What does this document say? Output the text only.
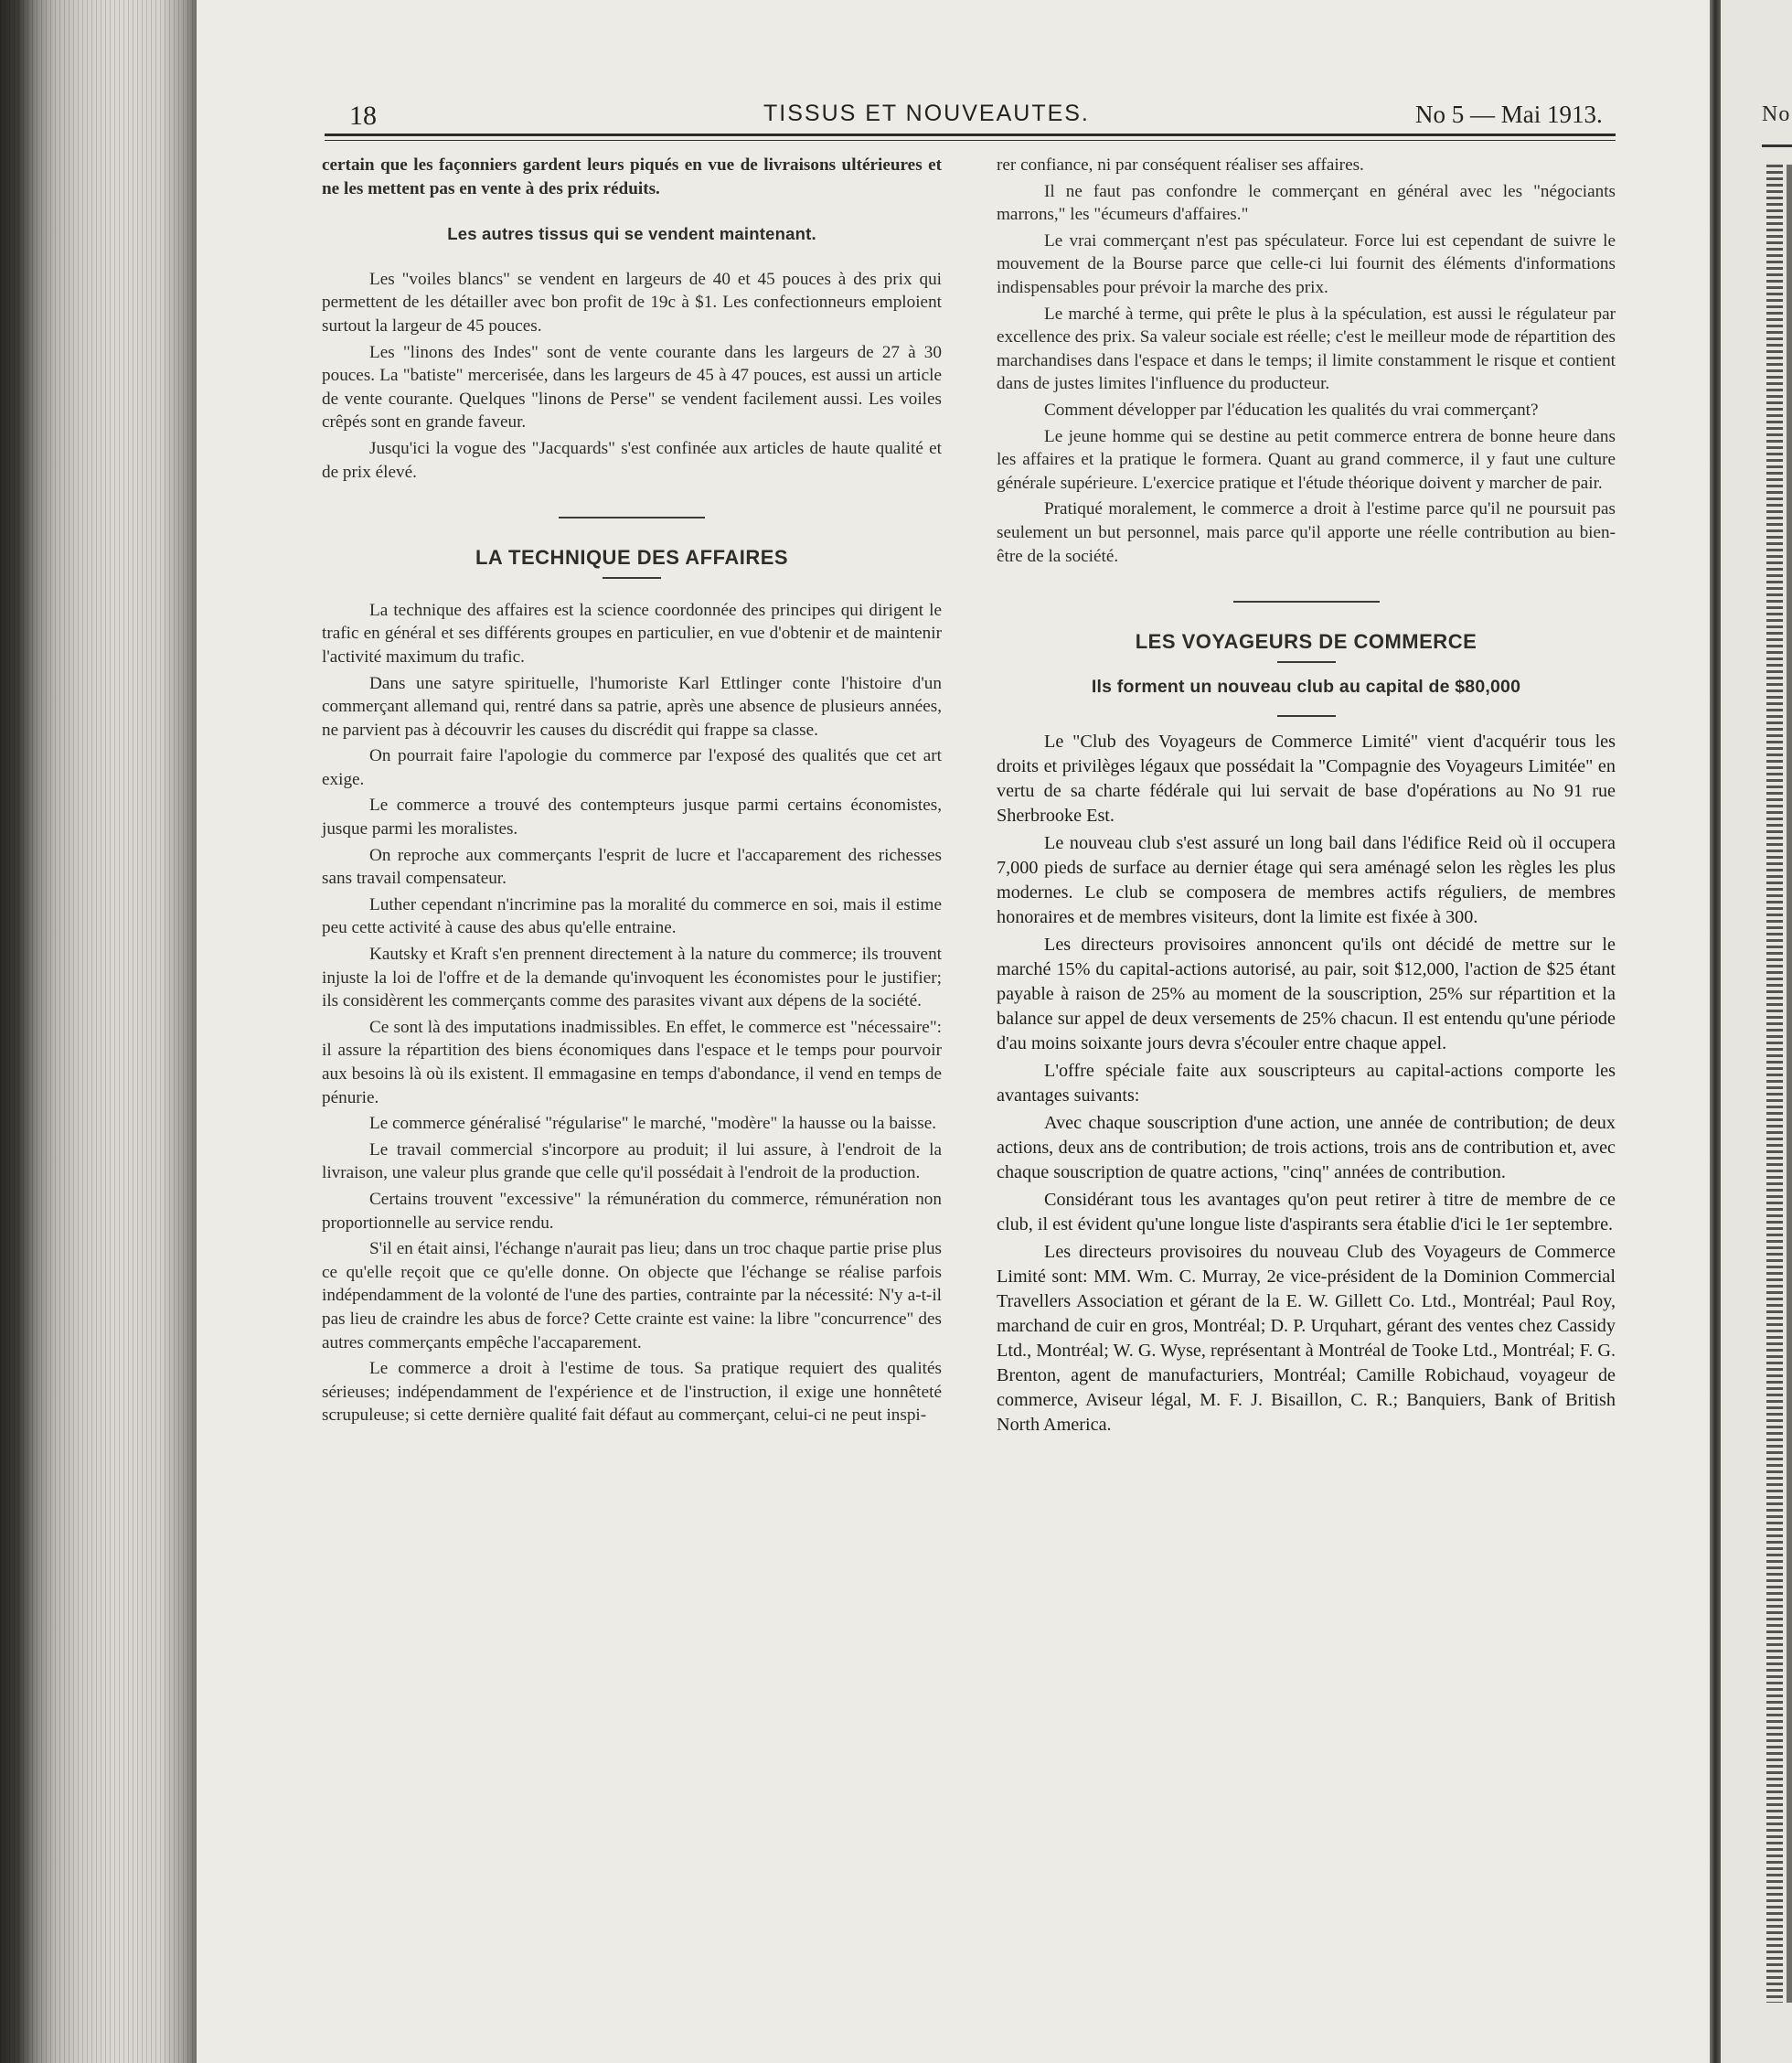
18	TISSUS ET NOUVEAUTES.	No 5 — Mai 1913.

certain que les façonniers gardent leurs piqués en vue de livraisons ultérieures et ne les mettent pas en vente à des prix réduits.

Les autres tissus qui se vendent maintenant.

Les "voiles blancs" se vendent en largeurs de 40 et 45 pouces à des prix qui permettent de les détailler avec bon profit de 19c à $1. Les confectionneurs emploient surtout la largeur de 45 pouces.

Les "linons des Indes" sont de vente courante dans les largeurs de 27 à 30 pouces. La "batiste" mercerisée, dans les largeurs de 45 à 47 pouces, est aussi un article de vente courante. Quelques "linons de Perse" se vendent facilement aussi. Les voiles crêpés sont en grande faveur.

Jusqu'ici la vogue des "Jacquards" s'est confinée aux articles de haute qualité et de prix élevé.

LA TECHNIQUE DES AFFAIRES

La technique des affaires est la science coordonnée des principes qui dirigent le trafic en général et ses différents groupes en particulier, en vue d'obtenir et de maintenir l'activité maximum du trafic.

Dans une satyre spirituelle, l'humoriste Karl Ettlinger conte l'histoire d'un commerçant allemand qui, rentré dans sa patrie, après une absence de plusieurs années, ne parvient pas à découvrir les causes du discrédit qui frappe sa classe.

On pourrait faire l'apologie du commerce par l'exposé des qualités que cet art exige.

Le commerce a trouvé des contempteurs jusque parmi certains économistes, jusque parmi les moralistes.

On reproche aux commerçants l'esprit de lucre et l'accaparement des richesses sans travail compensateur.

Luther cependant n'incrimine pas la moralité du commerce en soi, mais il estime peu cette activité à cause des abus qu'elle entraine.

Kautsky et Kraft s'en prennent directement à la nature du commerce; ils trouvent injuste la loi de l'offre et de la demande qu'invoquent les économistes pour le justifier; ils considèrent les commerçants comme des parasites vivant aux dépens de la société.

Ce sont là des imputations inadmissibles. En effet, le commerce est "nécessaire": il assure la répartition des biens économiques dans l'espace et le temps pour pourvoir aux besoins là où ils existent. Il emmagasine en temps d'abondance, il vend en temps de pénurie.

Le commerce généralisé "régularise" le marché, "modère" la hausse ou la baisse.

Le travail commercial s'incorpore au produit; il lui assure, à l'endroit de la livraison, une valeur plus grande que celle qu'il possédait à l'endroit de la production.

Certains trouvent "excessive" la rémunération du commerce, rémunération non proportionnelle au service rendu.

S'il en était ainsi, l'échange n'aurait pas lieu; dans un troc chaque partie prise plus ce qu'elle reçoit que ce qu'elle donne. On objecte que l'échange se réalise parfois indépendamment de la volonté de l'une des parties, contrainte par la nécessité: N'y a-t-il pas lieu de craindre les abus de force? Cette crainte est vaine: la libre "concurrence" des autres commerçants empêche l'accaparement.

Le commerce a droit à l'estime de tous. Sa pratique requiert des qualités sérieuses; indépendamment de l'expérience et de l'instruction, il exige une honnêteté scrupuleuse; si cette dernière qualité fait défaut au commerçant, celui-ci ne peut inspi-

rer confiance, ni par conséquent réaliser ses affaires.

Il ne faut pas confondre le commerçant en général avec les "négociants marrons," les "écumeurs d'affaires."

Le vrai commerçant n'est pas spéculateur. Force lui est cependant de suivre le mouvement de la Bourse parce que celle-ci lui fournit des éléments d'informations indispensables pour prévoir la marche des prix.

Le marché à terme, qui prête le plus à la spéculation, est aussi le régulateur par excellence des prix. Sa valeur sociale est réelle; c'est le meilleur mode de répartition des marchandises dans l'espace et dans le temps; il limite constamment le risque et contient dans de justes limites l'influence du producteur.

Comment développer par l'éducation les qualités du vrai commerçant?

Le jeune homme qui se destine au petit commerce entrera de bonne heure dans les affaires et la pratique le formera. Quant au grand commerce, il y faut une culture générale supérieure. L'exercice pratique et l'étude théorique doivent y marcher de pair.

Pratiqué moralement, le commerce a droit à l'estime parce qu'il ne poursuit pas seulement un but personnel, mais parce qu'il apporte une réelle contribution au bien-être de la société.

LES VOYAGEURS DE COMMERCE
Ils forment un nouveau club au capital de $80,000

Le "Club des Voyageurs de Commerce Limité" vient d'acquérir tous les droits et privilèges légaux que possédait la "Compagnie des Voyageurs Limitée" en vertu de sa charte fédérale qui lui servait de base d'opérations au No 91 rue Sherbrooke Est.

Le nouveau club s'est assuré un long bail dans l'édifice Reid où il occupera 7,000 pieds de surface au dernier étage qui sera aménagé selon les règles les plus modernes. Le club se composera de membres actifs réguliers, de membres honoraires et de membres visiteurs, dont la limite est fixée à 300.

Les directeurs provisoires annoncent qu'ils ont décidé de mettre sur le marché 15% du capital-actions autorisé, au pair, soit $12,000, l'action de $25 étant payable à raison de 25% au moment de la souscription, 25% sur répartition et la balance sur appel de deux versements de 25% chacun. Il est entendu qu'une période d'au moins soixante jours devra s'écouler entre chaque appel.

L'offre spéciale faite aux souscripteurs au capital-actions comporte les avantages suivants:

Avec chaque souscription d'une action, une année de contribution; de deux actions, deux ans de contribution; de trois actions, trois ans de contribution et, avec chaque souscription de quatre actions, "cinq" années de contribution.

Considérant tous les avantages qu'on peut retirer à titre de membre de ce club, il est évident qu'une longue liste d'aspirants sera établie d'ici le 1er septembre.

Les directeurs provisoires du nouveau Club des Voyageurs de Commerce Limité sont: MM. Wm. C. Murray, 2e vice-président de la Dominion Commercial Travellers Association et gérant de la E. W. Gillett Co. Ltd., Montréal; Paul Roy, marchand de cuir en gros, Montréal; D. P. Urquhart, gérant des ventes chez Cassidy Ltd., Montréal; W. G. Wyse, représentant à Montréal de Tooke Ltd., Montréal; F. G. Brenton, agent de manufacturiers, Montréal; Camille Robichaud, voyageur de commerce, Aviseur légal, M. F. J. Bisaillon, C. R.; Banquiers, Bank of British North America.

No
